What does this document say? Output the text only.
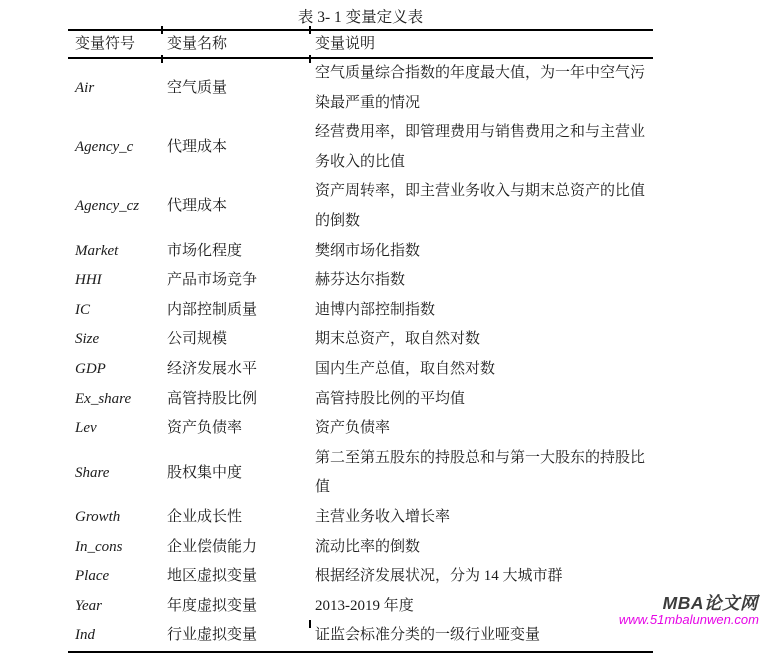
表 3- 1 变量定义表
变量符号	变量名称	变量说明
Air	空气质量	空气质量综合指数的年度最大值，为一年中空气污染最严重的情况
Agency_c	代理成本	经营费用率，即管理费用与销售费用之和与主营业务收入的比值
Agency_cz	代理成本	资产周转率，即主营业务收入与期末总资产的比值的倒数
Market	市场化程度	樊纲市场化指数
HHI	产品市场竞争	赫芬达尔指数
IC	内部控制质量	迪博内部控制指数
Size	公司规模	期末总资产，取自然对数
GDP	经济发展水平	国内生产总值，取自然对数
Ex_share	高管持股比例	高管持股比例的平均值
Lev	资产负债率	资产负债率
Share	股权集中度	第二至第五股东的持股总和与第一大股东的持股比值
Growth	企业成长性	主营业务收入增长率
In_cons	企业偿债能力	流动比率的倒数
Place	地区虚拟变量	根据经济发展状况，分为 14 大城市群
Year	年度虚拟变量	2013-2019 年度
Ind	行业虚拟变量	证监会标准分类的一级行业哑变量
MBA论文网
www.51mbalunwen.com
